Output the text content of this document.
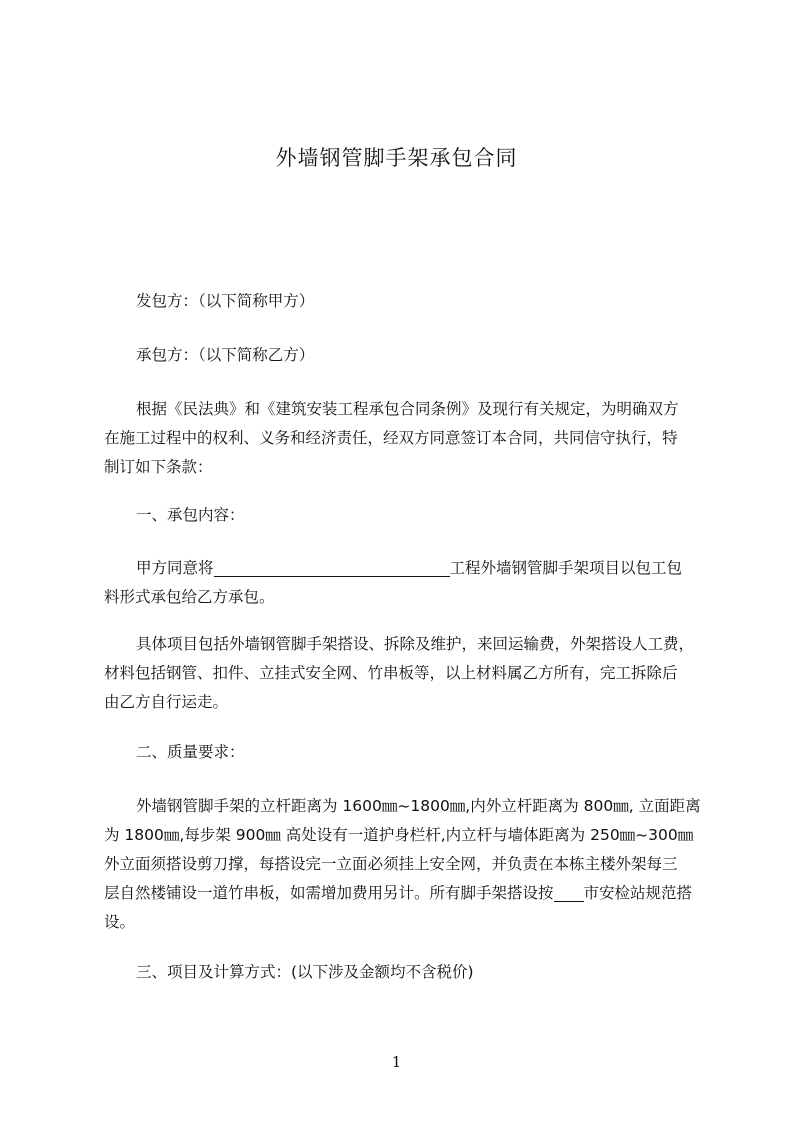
外墙钢管脚手架承包合同

发包方：（以下简称甲方）

承包方：（以下简称乙方）

根据《民法典》和《建筑安装工程承包合同条例》及现行有关规定，为明确双方

在施工过程中的权利、义务和经济责任，经双方同意签订本合同，共同信守执行，特

制订如下条款：

一、承包内容：

甲方同意将	工程外墙钢管脚手架项目以包工包

料形式承包给乙方承包。

具体项目包括外墙钢管脚手架搭设、拆除及维护，来回运输费，外架搭设人工费，

材料包括钢管、扣件、立挂式安全网、竹串板等，以上材料属乙方所有，完工拆除后

由乙方自行运走。

二、质量要求：

外墙钢管脚手架的立杆距离为 1600㎜~1800㎜,内外立杆距离为 800㎜, 立面距离

为 1800㎜,每步架 900㎜ 高处设有一道护身栏杆,内立杆与墙体距离为 250㎜~300㎜

外立面须搭设剪刀撑，每搭设完一立面必须挂上安全网，并负责在本栋主楼外架每三

层自然楼铺设一道竹串板，如需增加费用另计。所有脚手架搭设按 市安检站规范搭

设。

三、项目及计算方式：(以下涉及金额均不含税价)

1
